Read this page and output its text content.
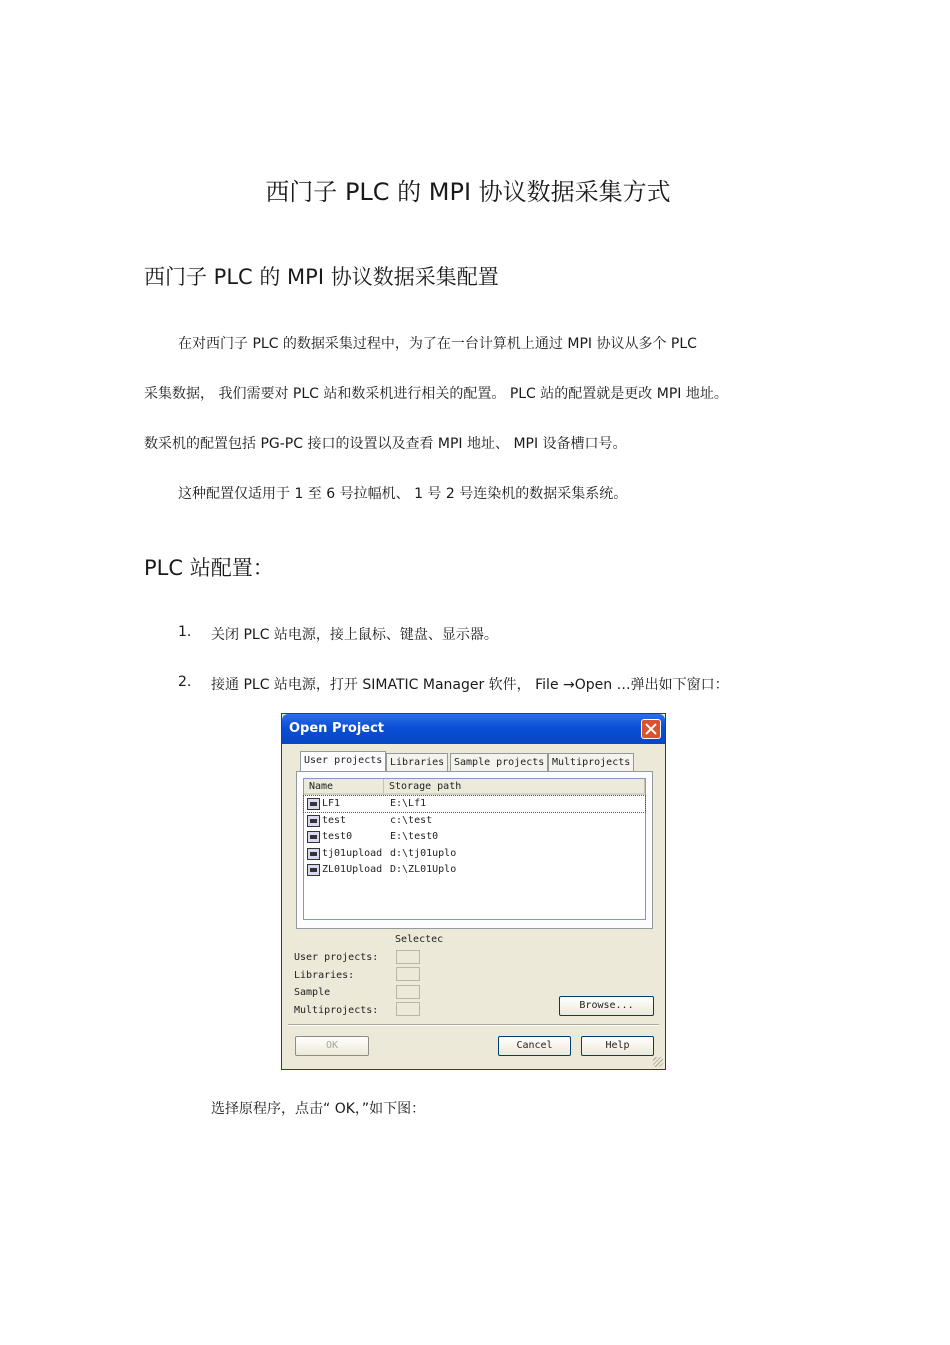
西门子 PLC 的 MPI 协议数据采集方式
西门子 PLC 的 MPI 协议数据采集配置
在对西门子 PLC 的数据采集过程中，为了在一台计算机上通过 MPI 协议从多个 PLC
采集数据， 我们需要对 PLC 站和数采机进行相关的配置。 PLC 站的配置就是更改 MPI 地址。
数采机的配置包括 PG-PC 接口的设置以及查看 MPI 地址、 MPI 设备槽口号。
这种配置仅适用于 1 至 6 号拉幅机、 1 号 2 号连染机的数据采集系统。
PLC 站配置：
1. 关闭 PLC 站电源，接上鼠标、键盘、显示器。
2. 接通 PLC 站电源，打开 SIMATIC Manager 软件， File →Open …弹出如下窗口：
Open Project
User projects Libraries Sample projects Multiprojects
Name	Storage path
LF1	E:\Lf1
test	c:\test
test0	E:\test0
tj01upload d:\tj01uplo
ZL01Upload D:\ZL01Uplo
Selectec
User projects:
Libraries:
Sample
Multiprojects:	Browse...
OK	Cancel	Help
选择原程序，点击“ OK，”如下图：
